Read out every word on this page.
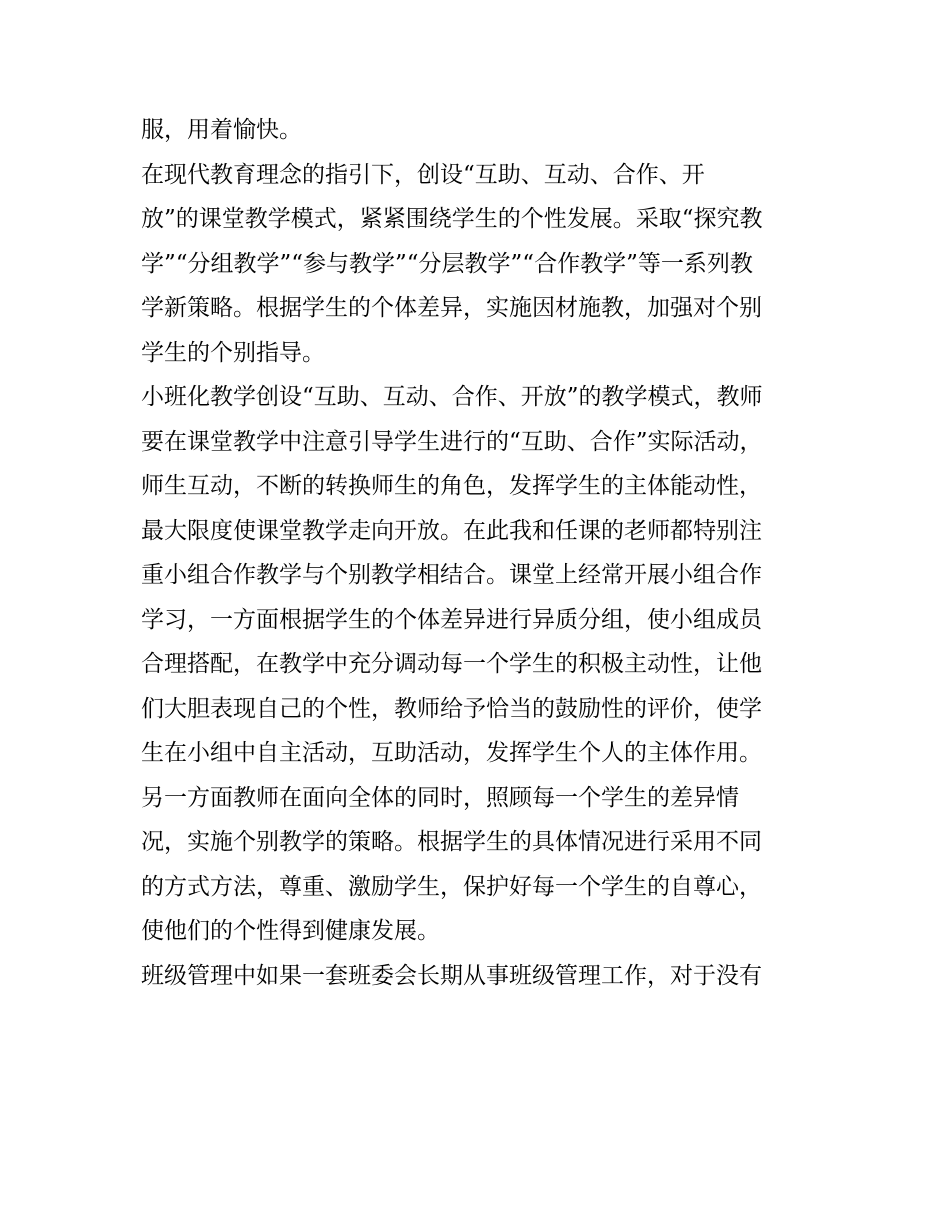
服，用着愉快。

在现代教育理念的指引下，创设“互助、互动、合作、开
放”的课堂教学模式，紧紧围绕学生的个性发展。采取“探究教
学”“分组教学”“参与教学”“分层教学”“合作教学”等一系列教
学新策略。根据学生的个体差异，实施因材施教，加强对个别
学生的个别指导。

小班化教学创设“互助、互动、合作、开放”的教学模式，教师
要在课堂教学中注意引导学生进行的“互助、合作”实际活动，
师生互动，不断的转换师生的角色，发挥学生的主体能动性，
最大限度使课堂教学走向开放。在此我和任课的老师都特别注
重小组合作教学与个别教学相结合。课堂上经常开展小组合作
学习，一方面根据学生的个体差异进行异质分组，使小组成员
合理搭配，在教学中充分调动每一个学生的积极主动性，让他
们大胆表现自己的个性，教师给予恰当的鼓励性的评价，使学
生在小组中自主活动，互助活动，发挥学生个人的主体作用。
另一方面教师在面向全体的同时，照顾每一个学生的差异情
况，实施个别教学的策略。根据学生的具体情况进行采用不同
的方式方法，尊重、激励学生，保护好每一个学生的自尊心，
使他们的个性得到健康发展。

班级管理中如果一套班委会长期从事班级管理工作，对于没有
